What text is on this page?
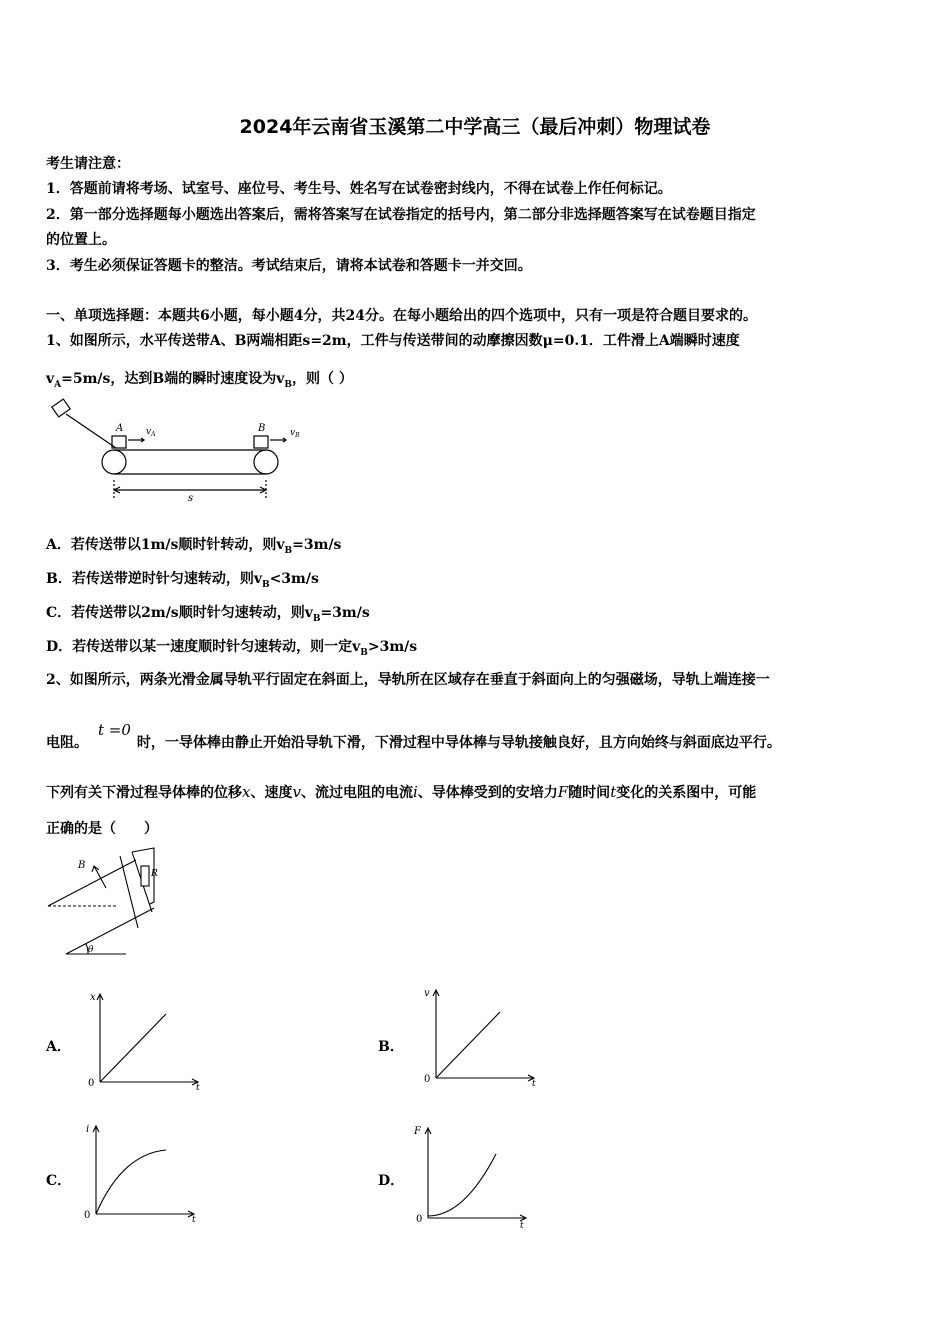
2024年云南省玉溪第二中学高三（最后冲刺）物理试卷
考生请注意：
1．答题前请将考场、试室号、座位号、考生号、姓名写在试卷密封线内，不得在试卷上作任何标记。
2．第一部分选择题每小题选出答案后，需将答案写在试卷指定的括号内，第二部分非选择题答案写在试卷题目指定
的位置上。
3．考生必须保证答题卡的整洁。考试结束后，请将本试卷和答题卡一并交回。
一、单项选择题：本题共6小题，每小题4分，共24分。在每小题给出的四个选项中，只有一项是符合题目要求的。
1、如图所示，水平传送带A、B两端相距s=2m，工件与传送带间的动摩擦因数μ=0.1．工件滑上A端瞬时速度
$v_A=5m/s$，达到B端的瞬时速度设为$v_B$，则（ ）
A	B
$v_A$	$v_B$
s
A．若传送带以1m/s顺时针转动，则$v_B=3m/s$
B．若传送带逆时针匀速转动，则$v_B<3m/s$
C．若传送带以2m/s顺时针匀速转动，则$v_B=3m/s$
D．若传送带以某一速度顺时针匀速转动，则一定$v_B>3m/s$
2、如图所示，两条光滑金属导轨平行固定在斜面上，导轨所在区域存在垂直于斜面向上的匀强磁场，导轨上端连接一
电阻。t =0时，一导体棒由静止开始沿导轨下滑，下滑过程中导体棒与导轨接触良好，且方向始终与斜面底边平行。
下列有关下滑过程导体棒的位移x、速度v、流过电阻的电流i、导体棒受到的安培力F随时间t变化的关系图中，可能
正确的是（　　）
B
R
θ
A．
x
0	t
B．
v
0	t
C．
i
0	t
D．
F
0
t
